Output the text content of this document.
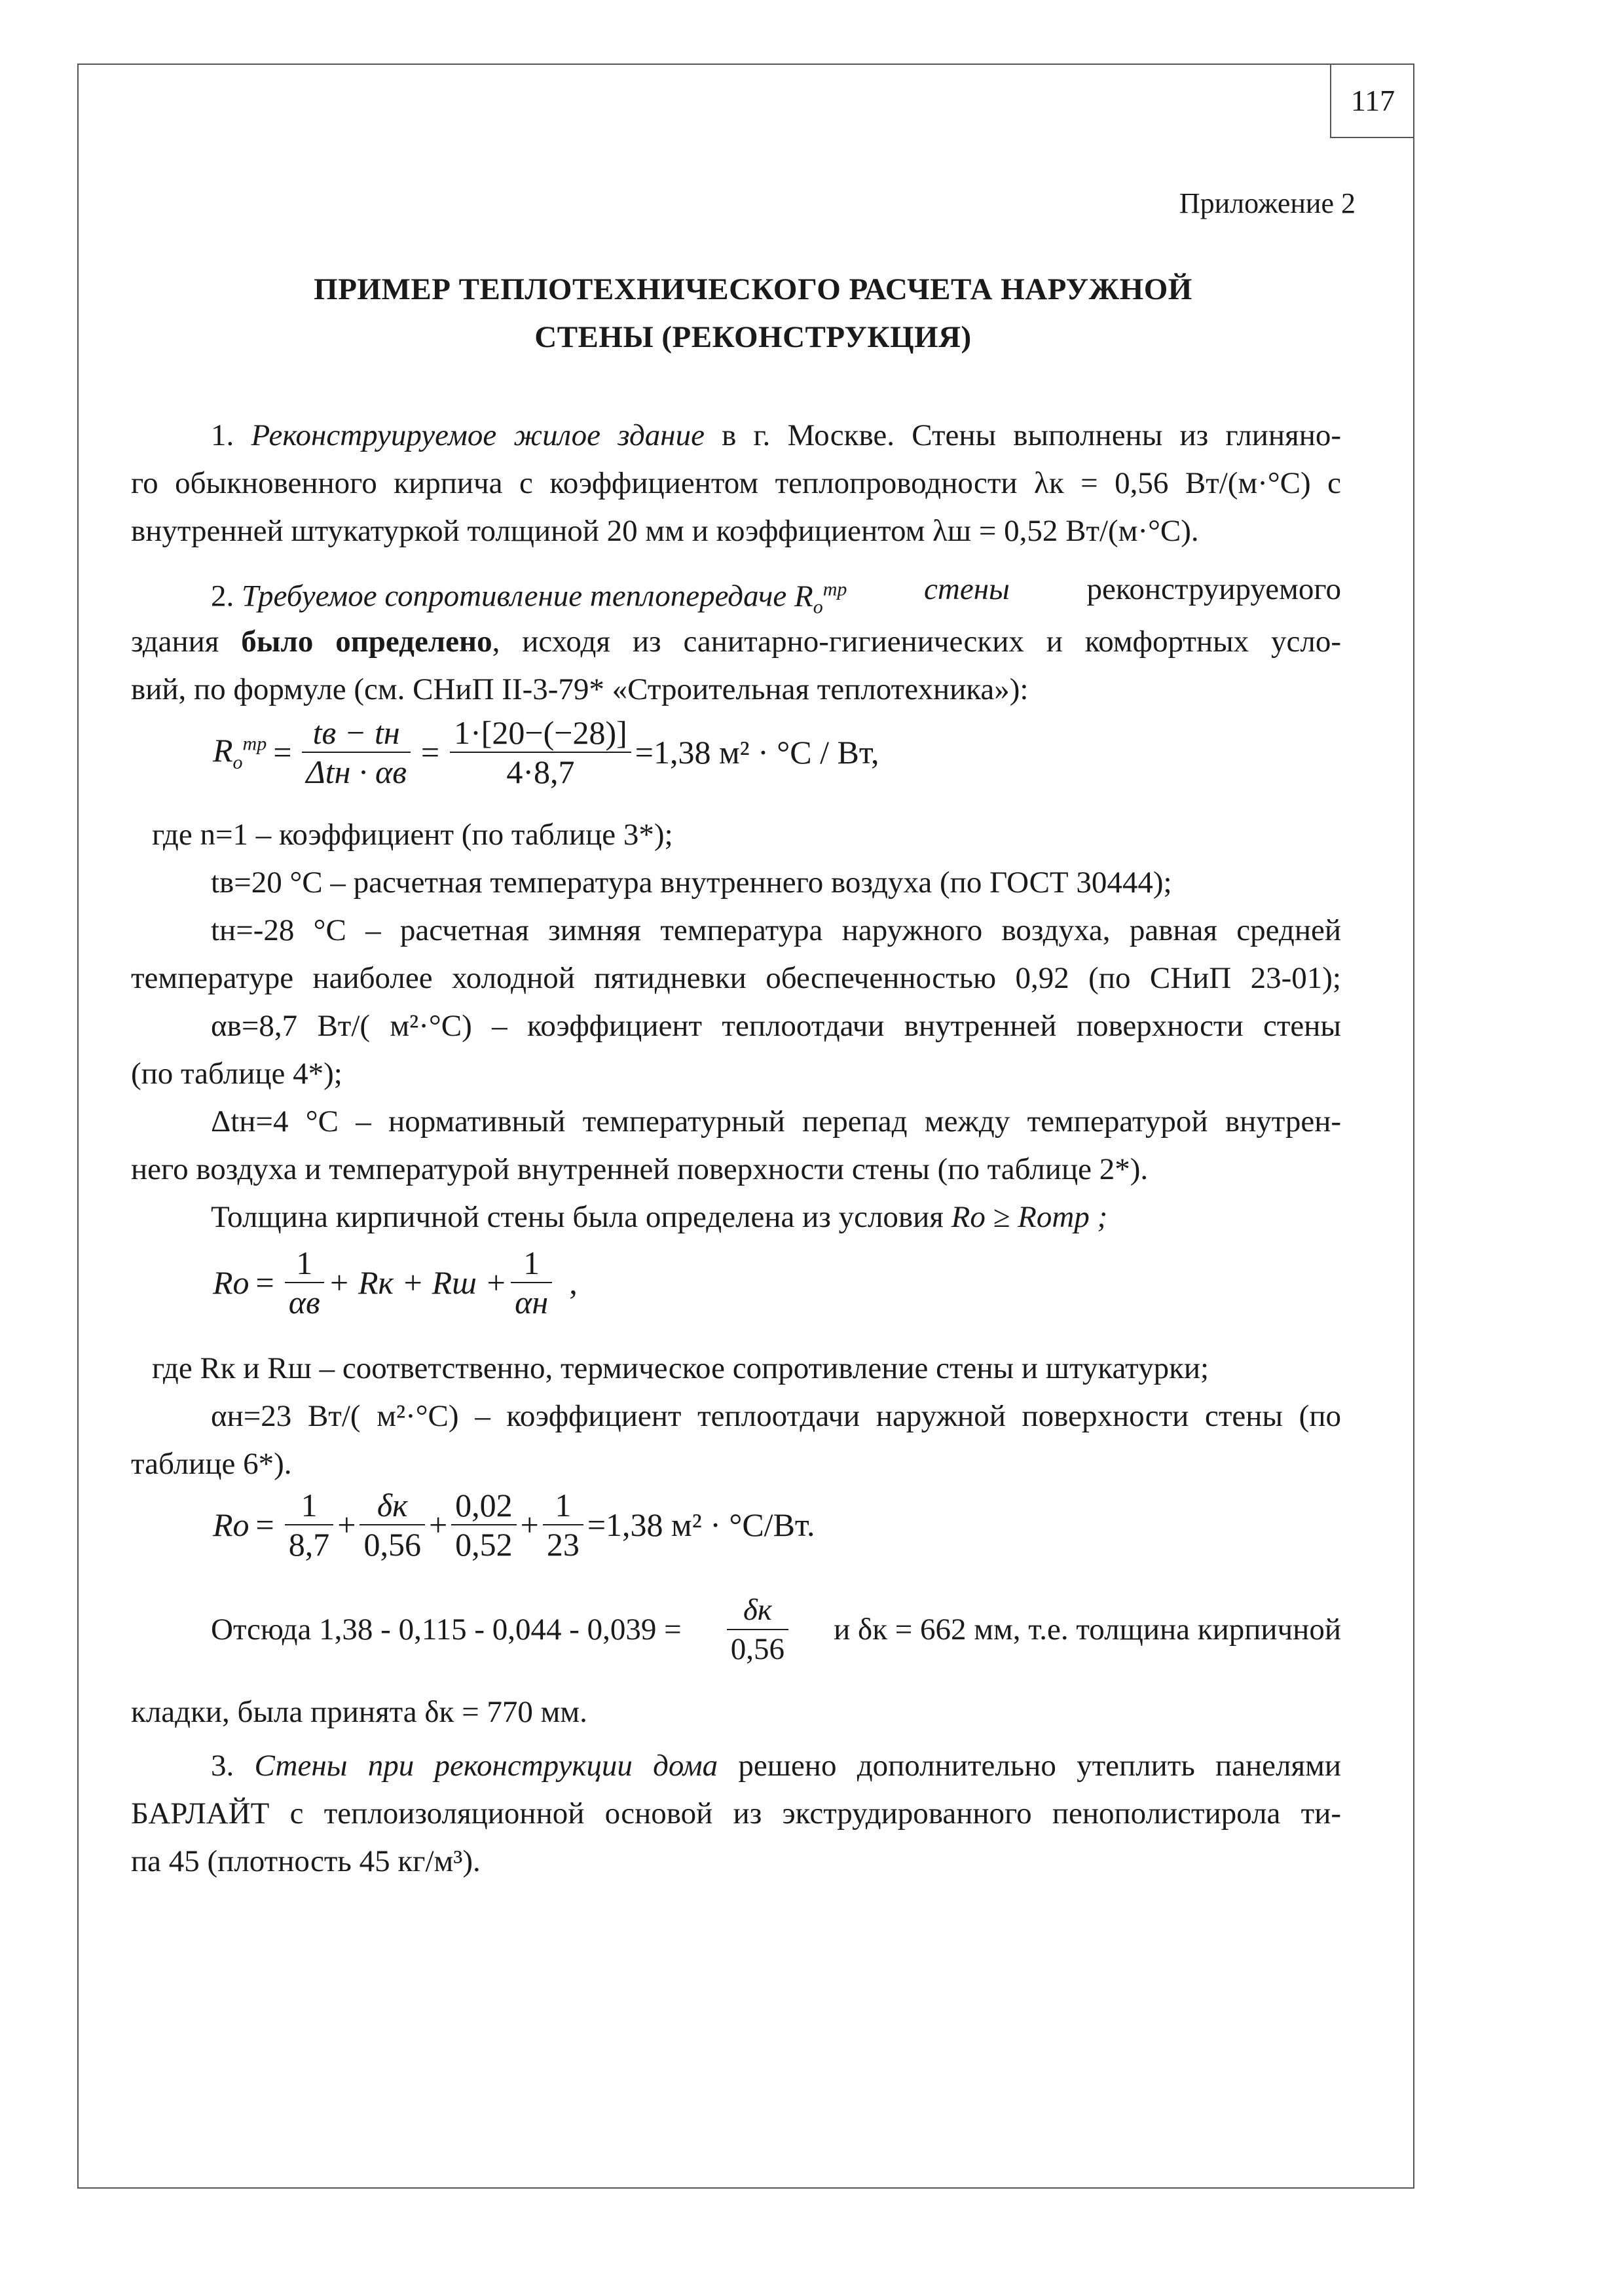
117
Приложение 2
ПРИМЕР ТЕПЛОТЕХНИЧЕСКОГО РАСЧЕТА НАРУЖНОЙ
СТЕНЫ (РЕКОНСТРУКЦИЯ)
1. Реконструируемое жилое здание в г. Москве. Стены выполнены из глиняно-
го обыкновенного кирпича с коэффициентом теплопроводности λк = 0,56 Вт/(м·°С) с
внутренней штукатуркой толщиной 20 мм и коэффициентом λш = 0,52 Вт/(м·°С).
2. Требуемое сопротивление теплопередаче $R_o^{тр}$	стены	реконструируемого
здания было определено, исходя из санитарно-гигиенических и комфортных усло-
вий, по формуле (см. СНиП II-3-79* «Строительная теплотехника»):
$R_o^{тр} = \frac{tв - tн}{\text{Δtн · αв}} = \frac{1\cdot[20-(-28)]}{4\cdot 8,7} =1,38$ м² · °C / Вт,
где n=1 – коэффициент (по таблице 3*);
tв=20 °С – расчетная температура внутреннего воздуха (по ГОСТ 30444);
tн=-28 °С – расчетная зимняя температура наружного воздуха, равная средней
температуре наиболее холодной пятидневки обеспеченностью 0,92 (по СНиП 23-01);
αв=8,7 Вт/( м²·°С) – коэффициент теплоотдачи внутренней поверхности стены
(по таблице 4*);
Δtн=4 °С – нормативный температурный перепад между температурой внутрен-
него воздуха и температурой внутренней поверхности стены (по таблице 2*).
Толщина кирпичной стены была определена из условия Ro ≥ Roтр ;
$Ro = \frac{1}{\alpha в}$ + Rк + Rш + $\frac{1}{\alpha н}$ ,
где Rк и Rш – соответственно, термическое сопротивление стены и штукатурки;
αн=23 Вт/( м²·°С) – коэффициент теплоотдачи наружной поверхности стены (по
таблице 6*).
$Ro = \frac{1}{8,7} + \frac{\delta к}{0,56} + \frac{0,02}{0,52} + \frac{1}{23} =1,38$ м² · °С/Вт.
Отсюда $1,38 - 0,115 - 0,044 - 0,039 = \frac{\delta к}{0,56}$ и δк = 662 мм, т.е. толщина кирпичной
кладки, была принята δк = 770 мм.
3. Стены при реконструкции дома решено дополнительно утеплить панелями
БАРЛАЙТ с теплоизоляционной основой из экструдированного пенополистирола ти-
па 45 (плотность 45 кг/м³).
